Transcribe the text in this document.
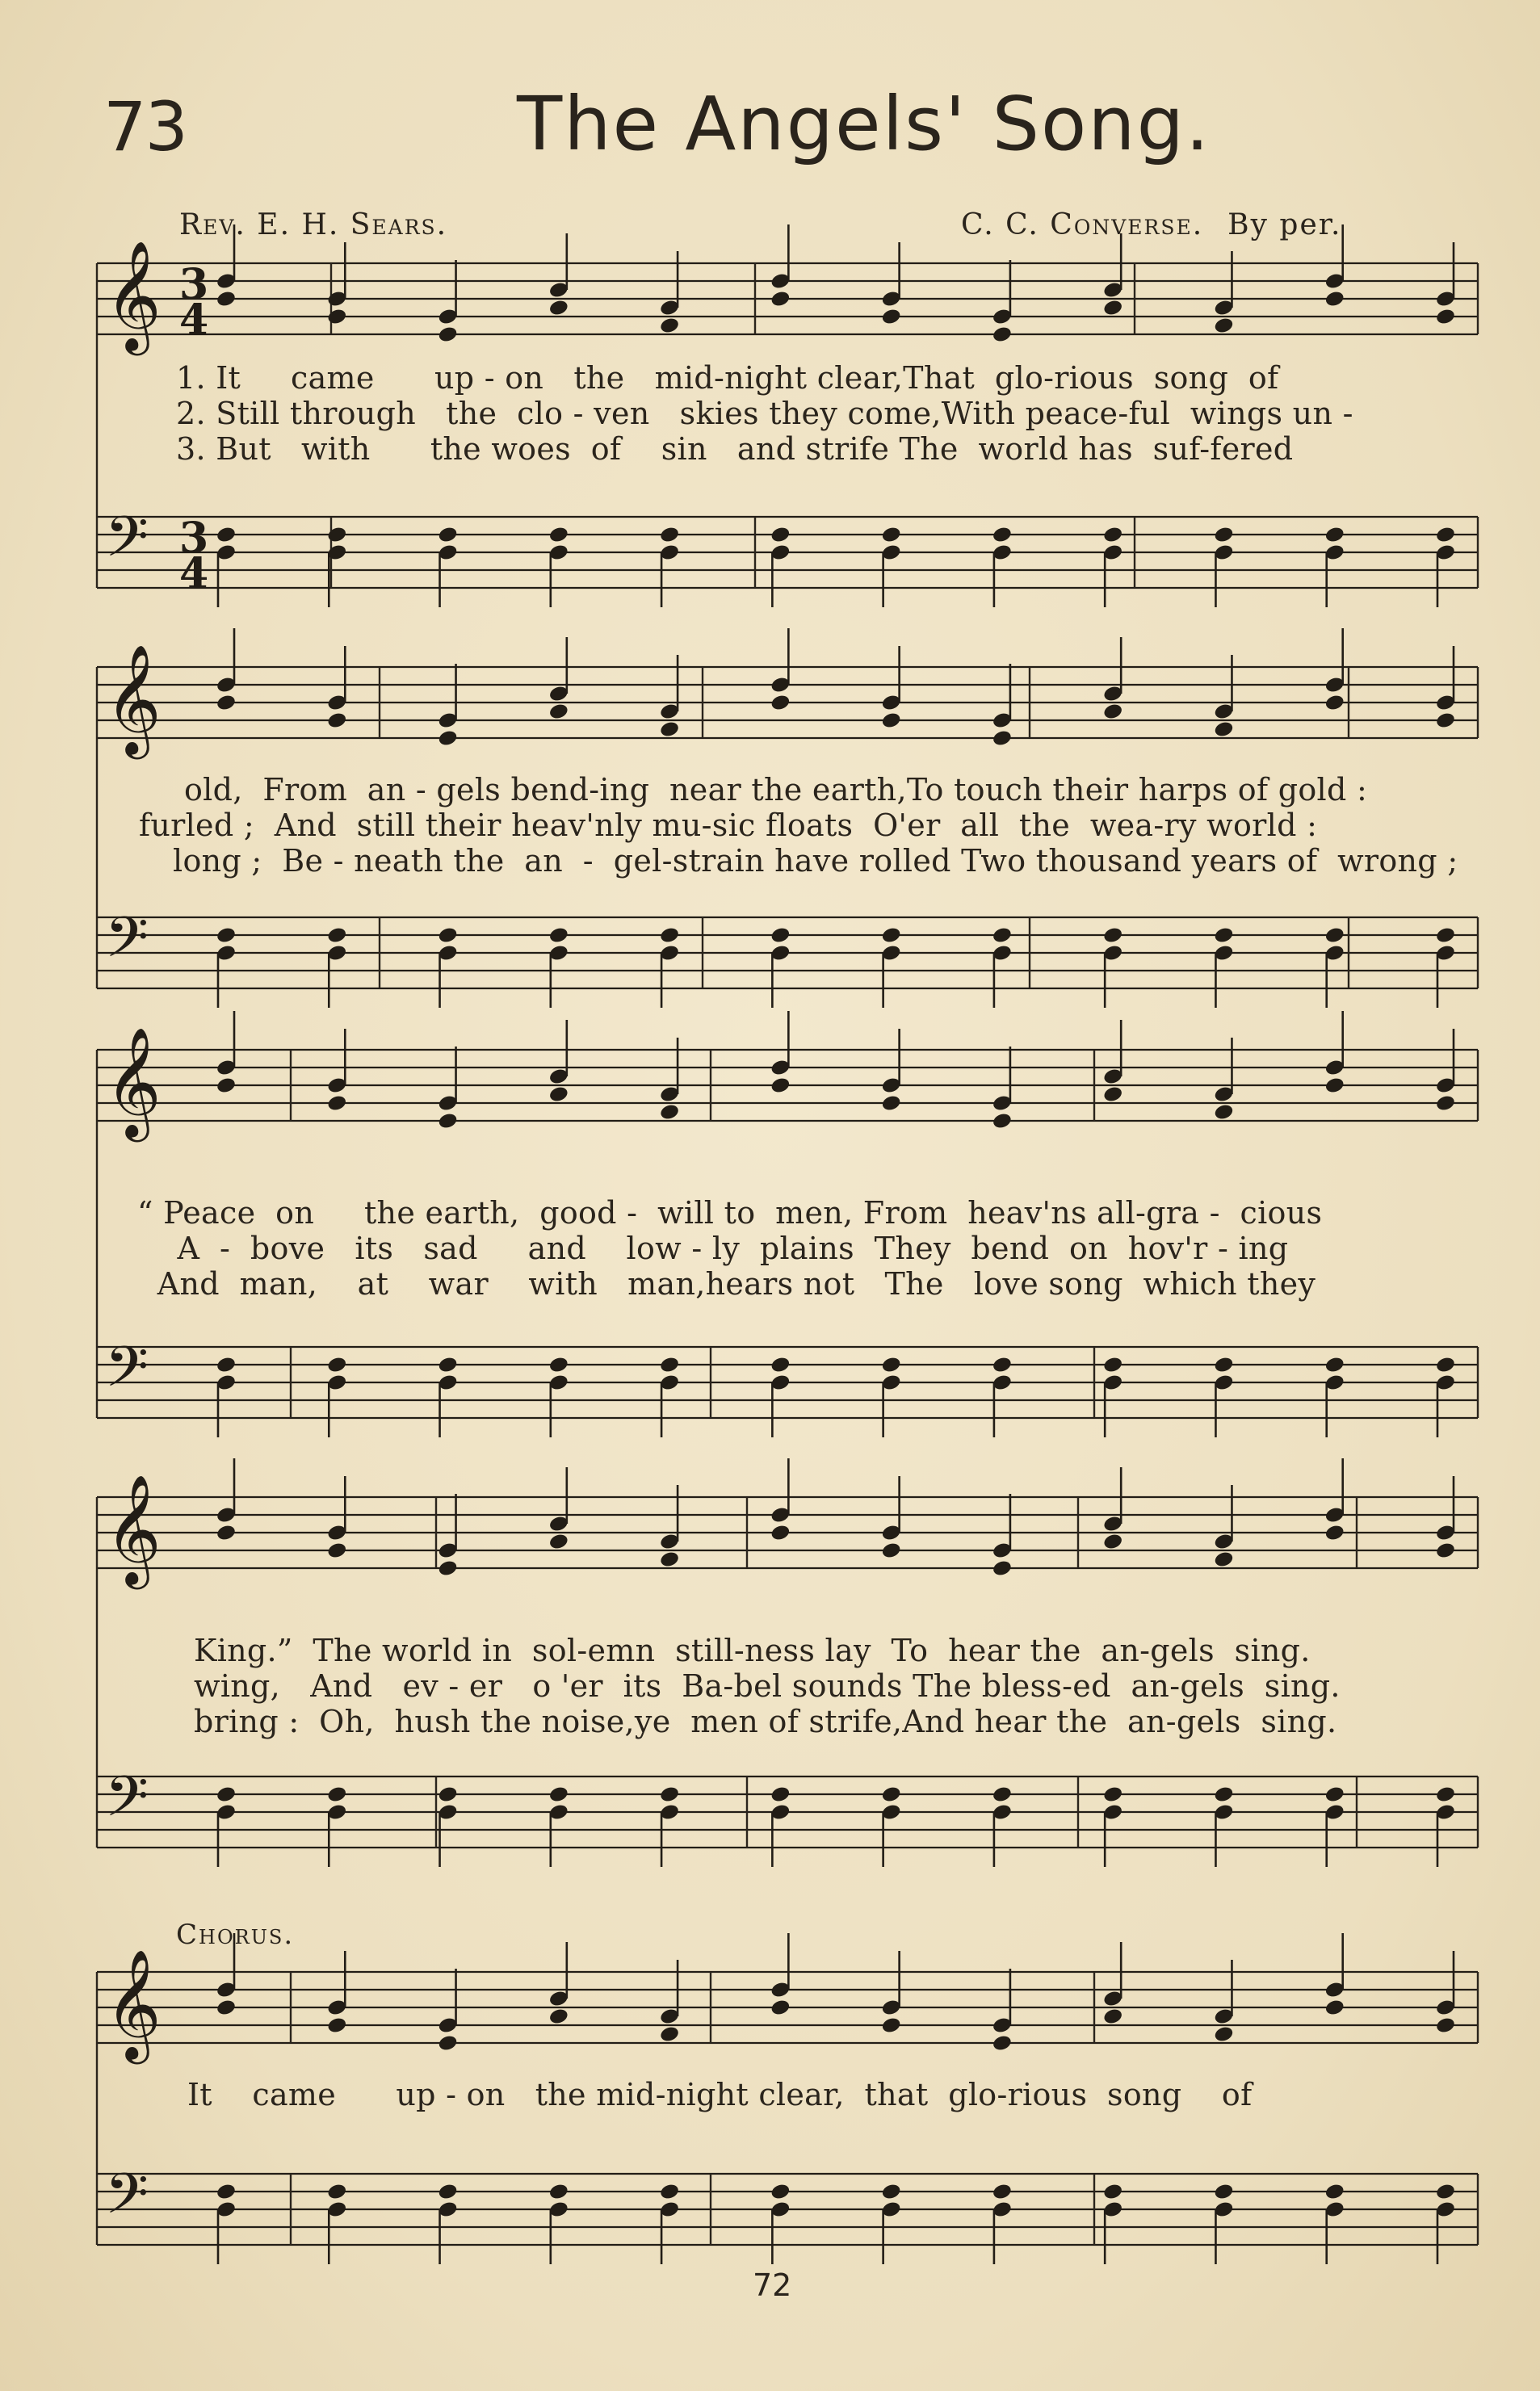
73	The Angels' Song.
Rev. E. H. Sears.	C. C. Converse. By per.
𝄞
𝄢
3
4
3
4
𝄞
𝄢
𝄞
𝄢
𝄞
𝄢
𝄞
𝄢

1. It     came      up - on   the   mid-night clear,That  glo-rious  song  of

2. Still through   the  clo - ven   skies they come,With peace-ful  wings un -

3. But   with      the woes  of    sin   and strife The  world has  suf-fered

old,  From  an - gels bend-ing  near the earth,To touch their harps of gold :

furled ;  And  still their heav'nly mu-sic floats  O'er  all  the  wea-ry world :

long ;  Be - neath the  an  -  gel-strain have rolled Two thousand years of  wrong ;

“ Peace  on     the earth,  good -  will to  men, From  heav'ns all-gra -  cious

A  -  bove   its   sad     and    low - ly  plains  They  bend  on  hov'r - ing

And  man,    at    war    with   man,hears not   The   love song  which they

King.”  The world in  sol-emn  still-ness lay  To  hear the  an-gels  sing.

wing,   And   ev - er   o 'er  its  Ba-bel sounds The bless-ed  an-gels  sing.

bring :  Oh,  hush the noise,ye  men of strife,And hear the  an-gels  sing.

Chorus.

It    came      up - on   the mid-night clear,  that  glo-rious  song    of

72
